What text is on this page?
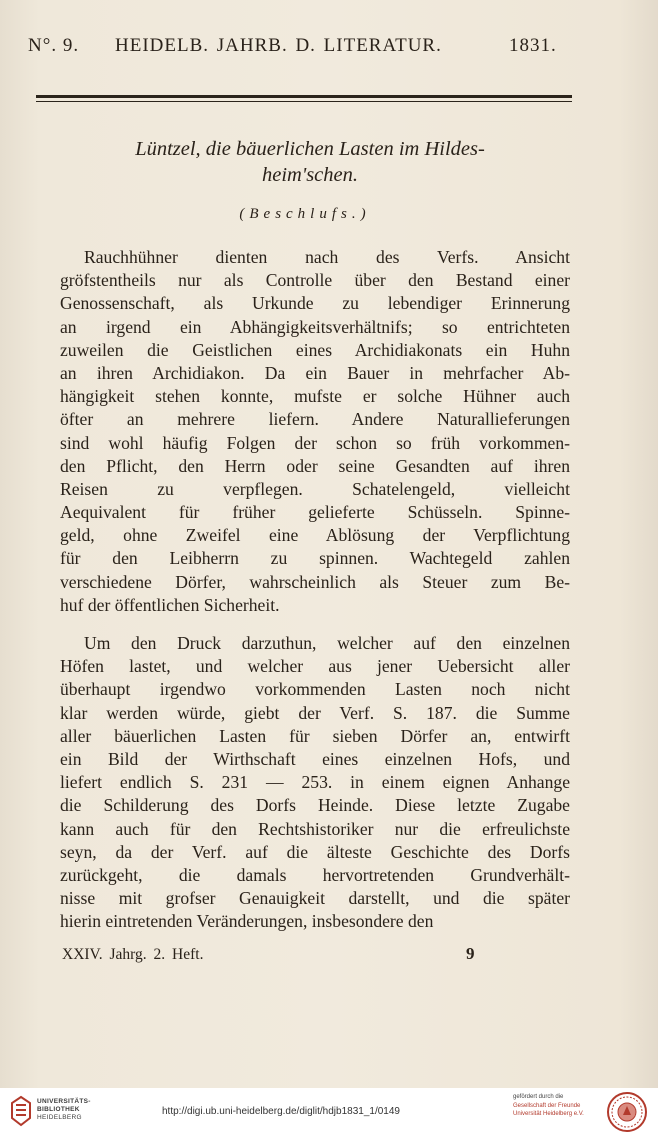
N°. 9. HEIDELB. JAHRB. D. LITERATUR.	1831.
Lüntzel, die bäuerlichen Lasten im Hildes-
heim'schen.
(Beschlufs.)
Rauchhühner dienten nach des Verfs. Ansicht
gröfstentheils nur als Controlle über den Bestand einer
Genossenschaft, als Urkunde zu lebendiger Erinnerung
an irgend ein Abhängigkeitsverhältnifs; so entrichteten
zuweilen die Geistlichen eines Archidiakonats ein Huhn
an ihren Archidiakon. Da ein Bauer in mehrfacher Ab-
hängigkeit stehen konnte, mufste er solche Hühner auch
öfter an mehrere liefern. Andere Naturallieferungen
sind wohl häufig Folgen der schon so früh vorkommen-
den Pflicht, den Herrn oder seine Gesandten auf ihren
Reisen zu verpflegen. Schatelengeld, vielleicht
Aequivalent für früher gelieferte Schüsseln. Spinne-
geld, ohne Zweifel eine Ablösung der Verpflichtung
für den Leibherrn zu spinnen. Wachtegeld zahlen
verschiedene Dörfer, wahrscheinlich als Steuer zum Be-
huf der öffentlichen Sicherheit.
Um den Druck darzuthun, welcher auf den einzelnen
Höfen lastet, und welcher aus jener Uebersicht aller
überhaupt irgendwo vorkommenden Lasten noch nicht
klar werden würde, giebt der Verf. S. 187. die Summe
aller bäuerlichen Lasten für sieben Dörfer an, entwirft
ein Bild der Wirthschaft eines einzelnen Hofs, und
liefert endlich S. 231 — 253. in einem eignen Anhange
die Schilderung des Dorfs Heinde. Diese letzte Zugabe
kann auch für den Rechtshistoriker nur die erfreulichste
seyn, da der Verf. auf die älteste Geschichte des Dorfs
zurückgeht, die damals hervortretenden Grundverhält-
nisse mit grofser Genauigkeit darstellt, und die später
hierin eintretenden Veränderungen, insbesondere den
XXIV. Jahrg. 2. Heft.	9
UNIVERSITÄTS-
BIBLIOTHEK
HEIDELBERG
http://digi.ub.uni-heidelberg.de/diglit/hdjb1831_1/0149
gefördert durch die
Gesellschaft der Freunde
Universität Heidelberg e.V.
